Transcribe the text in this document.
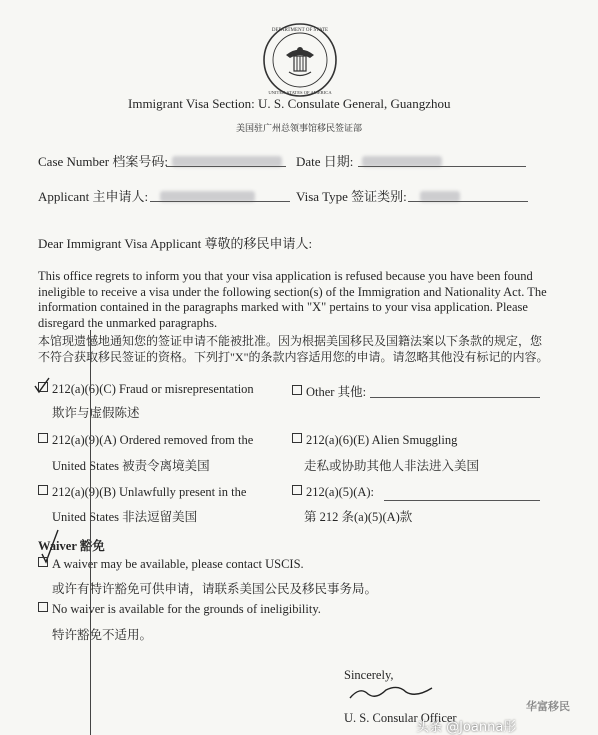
DEPARTMENT OF STATE
UNITED STATES OF AMERICA
Immigrant Visa Section: U. S. Consulate General, Guangzhou
美国驻广州总领事馆移民签证部
Case Number 档案号码:	Date 日期:
Applicant 主申请人:	Visa Type 签证类别:
Dear Immigrant Visa Applicant 尊敬的移民申请人:
This office regrets to inform you that your visa application is refused because you have been found
ineligible to receive a visa under the following section(s) of the Immigration and Nationality Act. The
information contained in the paragraphs marked with "X" pertains to your visa application. Please
disregard the unmarked paragraphs.
本馆现遗憾地通知您的签证申请不能被批准。因为根据美国移民及国籍法案以下条款的规定，您
不符合获取移民签证的资格。下列打"X"的条款内容适用您的申请。请忽略其他没有标记的内容。
212(a)(6)(C) Fraud or misrepresentation
欺诈与虚假陈述
212(a)(9)(A) Ordered removed from the
United States 被责令离境美国
212(a)(9)(B) Unlawfully present in the
United States 非法逗留美国
Other 其他:
212(a)(6)(E) Alien Smuggling
走私或协助其他人非法进入美国
212(a)(5)(A):
第 212 条(a)(5)(A)款
Waiver 豁免
A waiver may be available, please contact USCIS.
或许有特许豁免可供申请，请联系美国公民及移民事务局。
No waiver is available for the grounds of ineligibility.
特许豁免不适用。
Sincerely,
U. S. Consular Officer
华富移民
头条 @Joanna彤
